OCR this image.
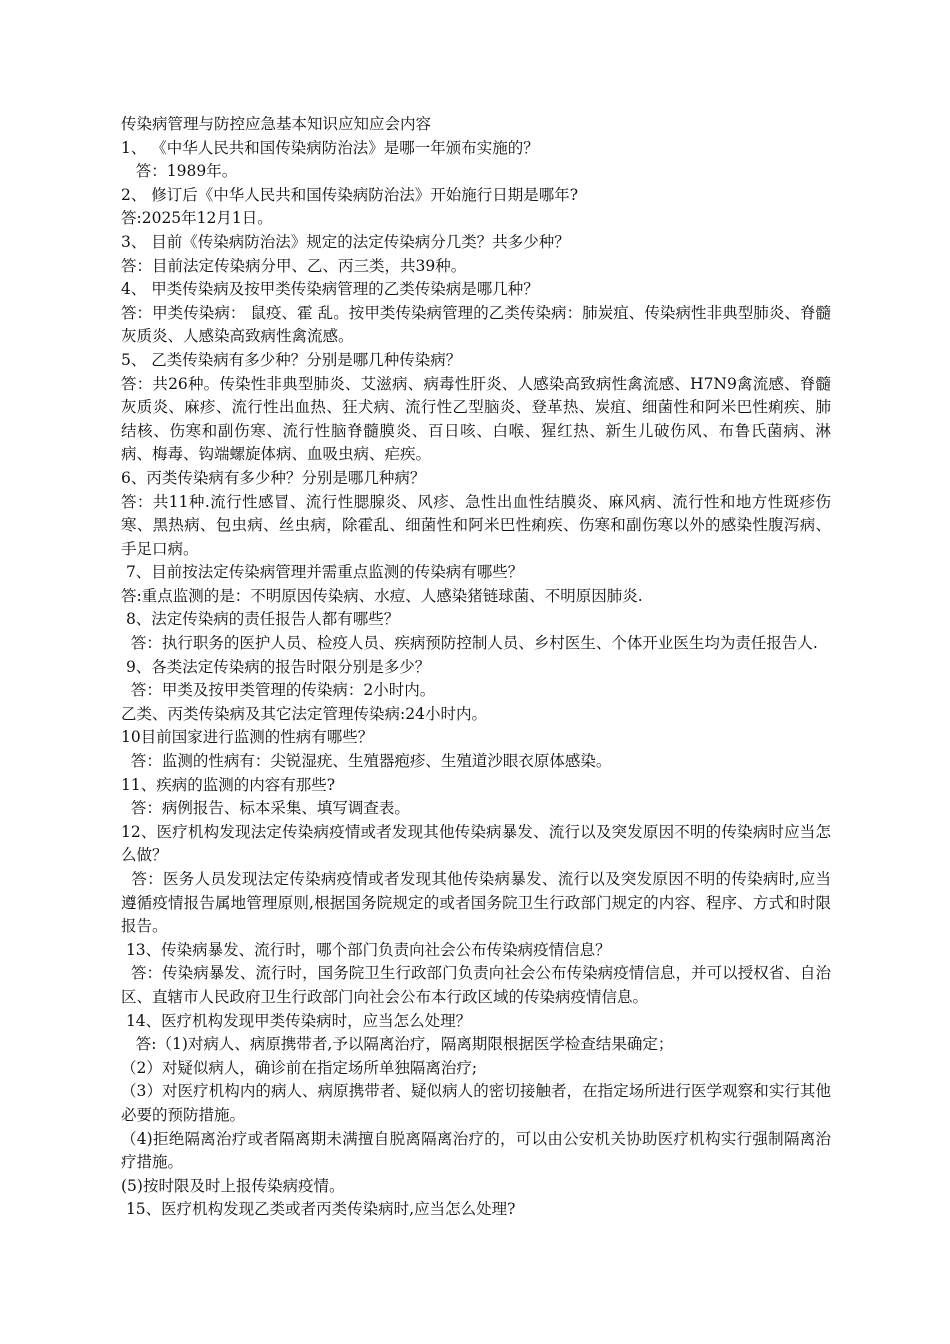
传染病管理与防控应急基本知识应知应会内容

1、 《中华人民共和国传染病防治法》是哪一年颁布实施的？

答：1989年。

2、 修订后《中华人民共和国传染病防治法》开始施行日期是哪年?

答:2025年12月1日。

3、 目前《传染病防治法》规定的法定传染病分几类？共多少种？

答：目前法定传染病分甲、乙、丙三类，共39种。

4、 甲类传染病及按甲类传染病管理的乙类传染病是哪几种？

答：甲类传染病： 鼠疫、霍 乱。按甲类传染病管理的乙类传染病：肺炭疽、传染病性非典型肺炎、脊髓灰质炎、人感染高致病性禽流感。

5、 乙类传染病有多少种？分别是哪几种传染病？

答：共26种。传染性非典型肺炎、艾滋病、病毒性肝炎、人感染高致病性禽流感、H7N9禽流感、脊髓灰质炎、麻疹、流行性出血热、狂犬病、流行性乙型脑炎、登革热、炭疽、细菌性和阿米巴性痢疾、肺结核、伤寒和副伤寒、流行性脑脊髓膜炎、百日咳、白喉、猩红热、新生儿破伤风、布鲁氏菌病、淋病、梅毒、钩端螺旋体病、血吸虫病、疟疾。

6、丙类传染病有多少种？分别是哪几种病？

答：共11种.流行性感冒、流行性腮腺炎、风疹、急性出血性结膜炎、麻风病、流行性和地方性斑疹伤寒、黑热病、包虫病、丝虫病，除霍乱、细菌性和阿米巴性痢疾、伤寒和副伤寒以外的感染性腹泻病、手足口病。

7、目前按法定传染病管理并需重点监测的传染病有哪些？

答:重点监测的是：不明原因传染病、水痘、人感染猪链球菌、不明原因肺炎.

8、法定传染病的责任报告人都有哪些？

答：执行职务的医护人员、检疫人员、疾病预防控制人员、乡村医生、个体开业医生均为责任报告人.

9、各类法定传染病的报告时限分别是多少？

答：甲类及按甲类管理的传染病：2小时内。

乙类、丙类传染病及其它法定管理传染病:24小时内。

10目前国家进行监测的性病有哪些？

答：监测的性病有：尖锐湿疣、生殖器疱疹、生殖道沙眼衣原体感染。

11、疾病的监测的内容有那些?

答：病例报告、标本采集、填写调查表。

12、医疗机构发现法定传染病疫情或者发现其他传染病暴发、流行以及突发原因不明的传染病时应当怎么做？

答：医务人员发现法定传染病疫情或者发现其他传染病暴发、流行以及突发原因不明的传染病时,应当遵循疫情报告属地管理原则,根据国务院规定的或者国务院卫生行政部门规定的内容、程序、方式和时限报告。

13、传染病暴发、流行时，哪个部门负责向社会公布传染病疫情信息？

答：传染病暴发、流行时，国务院卫生行政部门负责向社会公布传染病疫情信息，并可以授权省、自治区、直辖市人民政府卫生行政部门向社会公布本行政区域的传染病疫情信息。

14、医疗机构发现甲类传染病时，应当怎么处理？

答:（1)对病人、病原携带者,予以隔离治疗，隔离期限根据医学检查结果确定；

（2）对疑似病人，确诊前在指定场所单独隔离治疗;

（3）对医疗机构内的病人、病原携带者、疑似病人的密切接触者，在指定场所进行医学观察和实行其他必要的预防措施。

（4)拒绝隔离治疗或者隔离期未满擅自脱离隔离治疗的，可以由公安机关协助医疗机构实行强制隔离治疗措施。

(5)按时限及时上报传染病疫情。

15、医疗机构发现乙类或者丙类传染病时,应当怎么处理?
